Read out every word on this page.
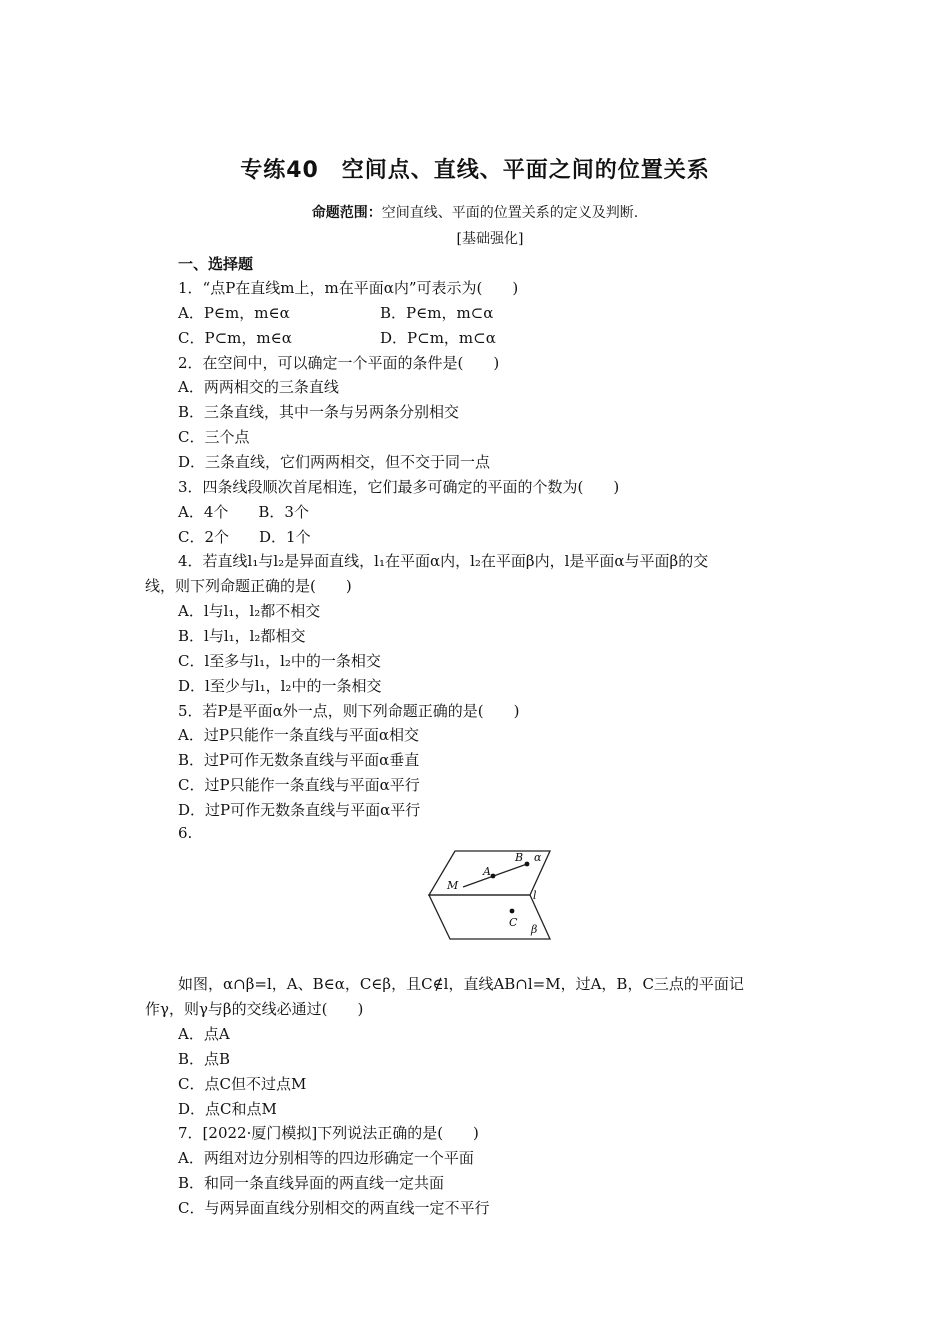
专练40　空间点、直线、平面之间的位置关系
命题范围：空间直线、平面的位置关系的定义及判断.
[基础强化]
一、选择题
1．“点P在直线m上，m在平面α内”可表示为(　　)
A．P∈m，m∈α	B．P∈m，m⊂α
C．P⊂m，m∈α	D．P⊂m，m⊂α
2．在空间中，可以确定一个平面的条件是(　　)
A．两两相交的三条直线
B．三条直线，其中一条与另两条分别相交
C．三个点
D．三条直线，它们两两相交，但不交于同一点
3．四条线段顺次首尾相连，它们最多可确定的平面的个数为(　　)
A．4个　　B．3个
C．2个　　D．1个
4．若直线l₁与l₂是异面直线，l₁在平面α内，l₂在平面β内，l是平面α与平面β的交
线，则下列命题正确的是(　　)
A．l与l₁，l₂都不相交
B．l与l₁，l₂都相交
C．l至多与l₁，l₂中的一条相交
D．l至少与l₁，l₂中的一条相交
5．若P是平面α外一点，则下列命题正确的是(　　)
A．过P只能作一条直线与平面α相交
B．过P可作无数条直线与平面α垂直
C．过P只能作一条直线与平面α平行
D．过P可作无数条直线与平面α平行
6.
M
A
B α
l
C
β
如图，α∩β=l，A、B∈α，C∈β，且C∉l，直线AB∩l=M，过A，B，C三点的平面记
作γ，则γ与β的交线必通过(　　)
A．点A
B．点B
C．点C但不过点M
D．点C和点M
7．[2022·厦门模拟]下列说法正确的是(　　)
A．两组对边分别相等的四边形确定一个平面
B．和同一条直线异面的两直线一定共面
C．与两异面直线分别相交的两直线一定不平行
